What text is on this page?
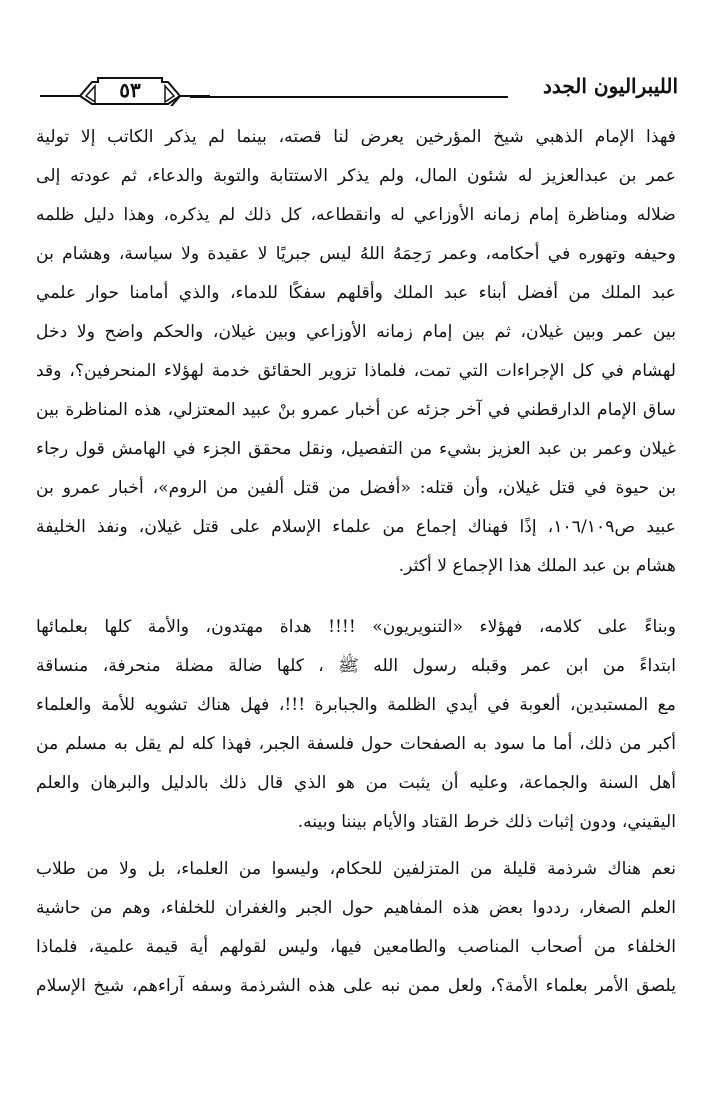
الليبراليون الجدد
٥٣

فهذا الإمام الذهبي شيخ المؤرخين يعرض لنا قصته، بينما لم يذكر الكاتب إلا تولية
عمر بن عبدالعزيز له شئون المال، ولم يذكر الاستتابة والتوبة والدعاء، ثم عودته إلى
ضلاله ومناظرة إمام زمانه الأوزاعي له وانقطاعه، كل ذلك لم يذكره، وهذا دليل ظلمه
وحيفه وتهوره في أحكامه، وعمر رَحِمَهُ اللهُ ليس جبريًا لا عقيدة ولا سياسة، وهشام بن
عبد الملك من أفضل أبناء عبد الملك وأقلهم سفكًا للدماء، والذي أمامنا حوار علمي
بين عمر وبين غيلان، ثم بين إمام زمانه الأوزاعي وبين غيلان، والحكم واضح ولا دخل
لهشام في كل الإجراءات التي تمت، فلماذا تزوير الحقائق خدمة لهؤلاء المنحرفين؟، وقد
ساق الإمام الدارقطني في آخر جزئه عن أخبار عمرو بنْ عبيد المعتزلي، هذه المناظرة بين
غيلان وعمر بن عبد العزيز بشيء من التفصيل، ونقل محقق الجزء في الهامش قول رجاء
بن حيوة في قتل غيلان، وأن قتله: «أفضل من قتل ألفين من الروم»، أخبار عمرو بن
عبيد ص١٠٦/١٠٩، إذًا فهناك إجماع من علماء الإسلام على قتل غيلان، ونفذ الخليفة
هشام بن عبد الملك هذا الإجماع لا أكثر.

وبناءً على كلامه، فهؤلاء «التنويريون» !!!! هداة مهتدون، والأمة كلها بعلمائها
ابتداءً من ابن عمر وقبله رسول الله ﷺ ، كلها ضالة مضلة منحرفة، منساقة
مع المستبدين، ألعوبة في أيدي الظلمة والجبابرة !!!، فهل هناك تشويه للأمة والعلماء
أكبر من ذلك، أما ما سود به الصفحات حول فلسفة الجبر، فهذا كله لم يقل به مسلم من
أهل السنة والجماعة، وعليه أن يثبت من هو الذي قال ذلك بالدليل والبرهان والعلم
اليقيني، ودون إثبات ذلك خرط القتاد والأيام بيننا وبينه.

نعم هناك شرذمة قليلة من المتزلفين للحكام، وليسوا من العلماء، بل ولا من طلاب
العلم الصغار، رددوا بعض هذه المفاهيم حول الجبر والغفران للخلفاء، وهم من حاشية
الخلفاء من أصحاب المناصب والطامعين فيها، وليس لقولهم أية قيمة علمية، فلماذا
يلصق الأمر بعلماء الأمة؟، ولعل ممن نبه على هذه الشرذمة وسفه آراءهم، شيخ الإسلام
